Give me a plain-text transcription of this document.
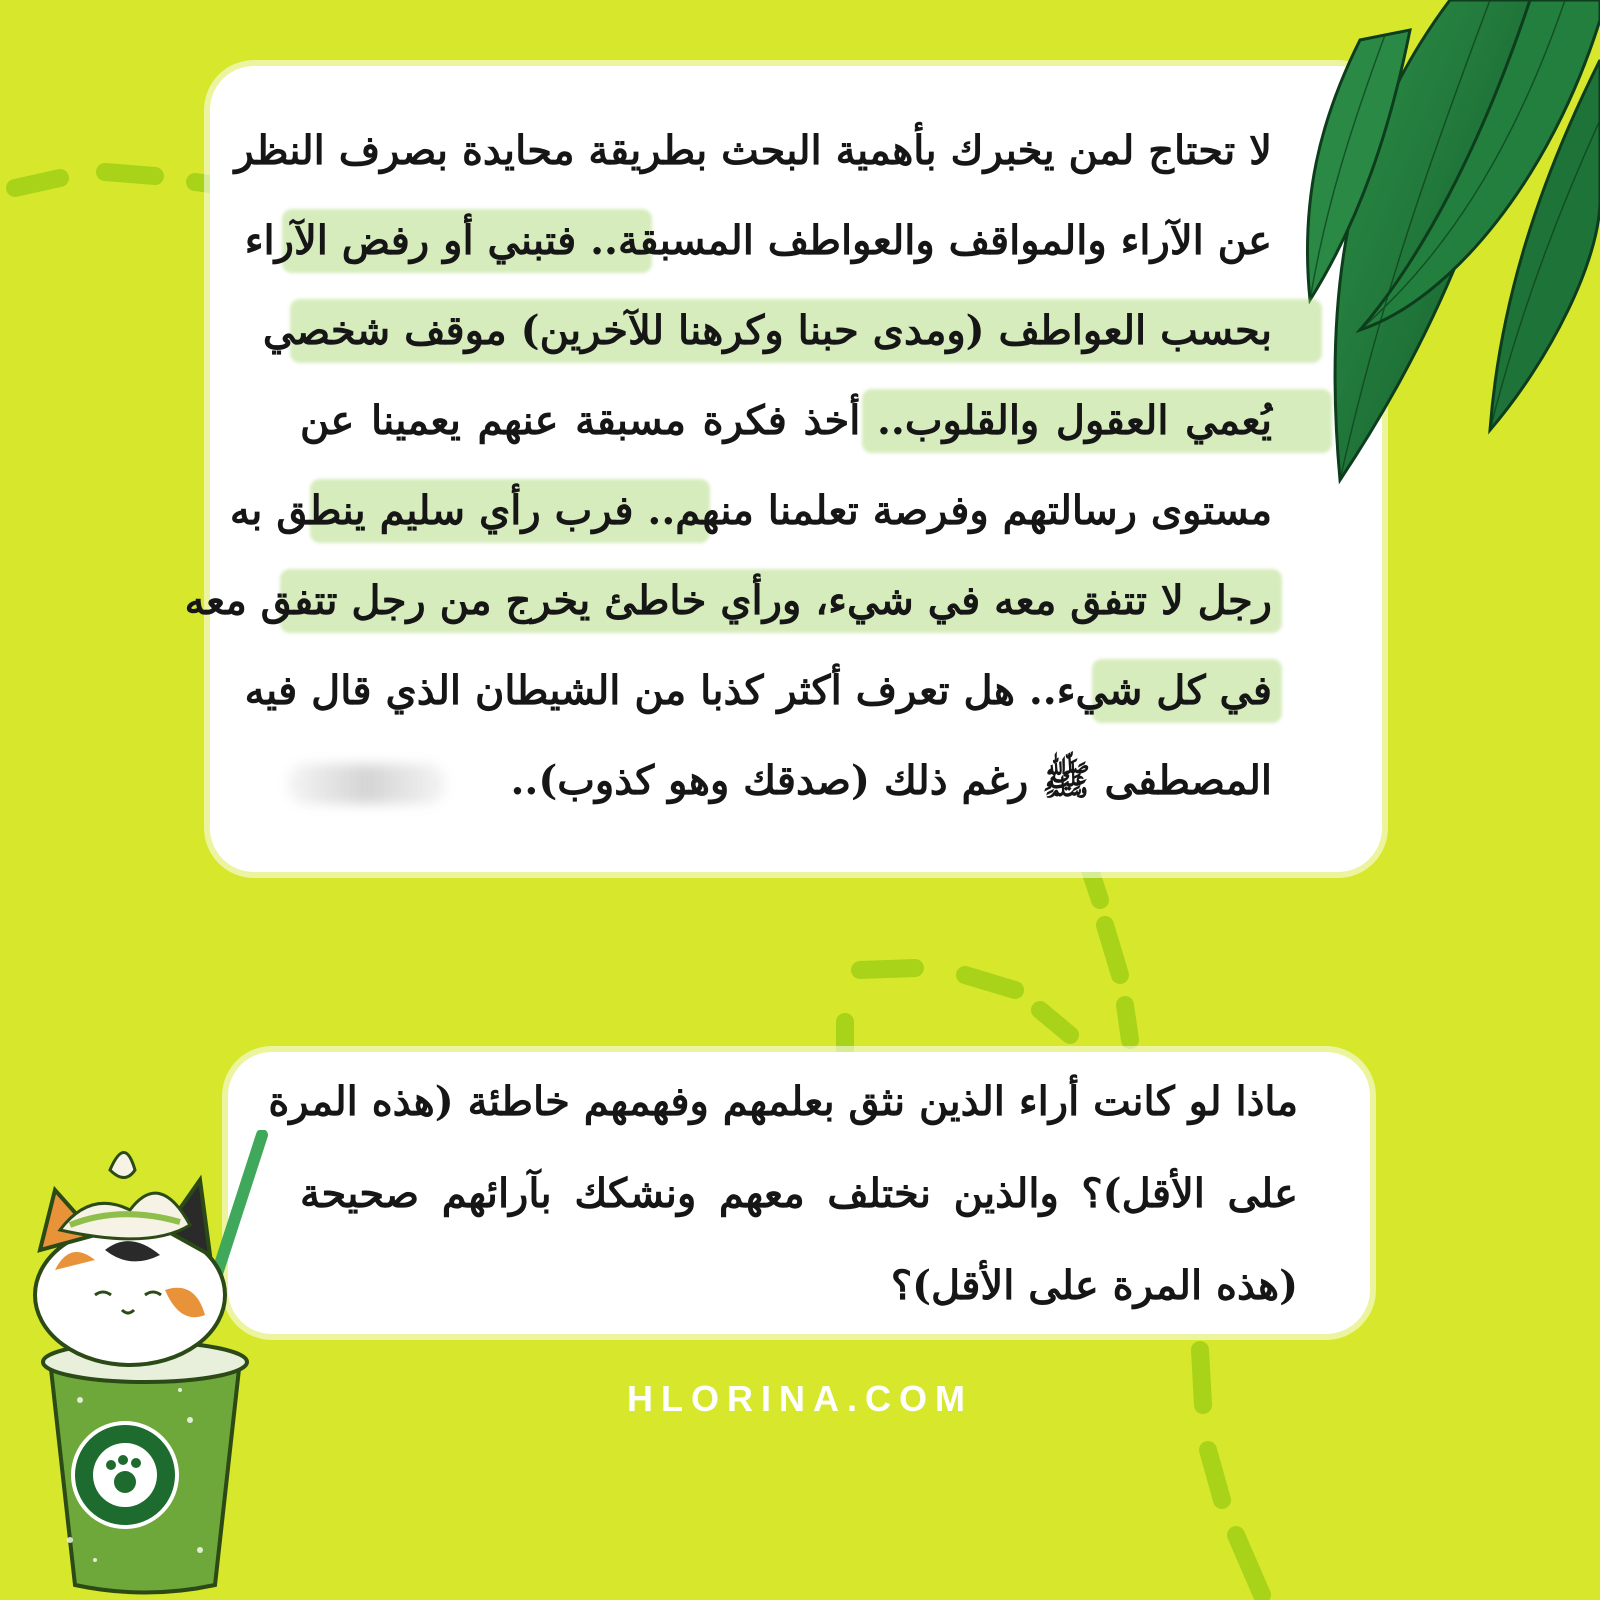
لا تحتاج لمن يخبرك بأهمية البحث بطريقة محايدة بصرف النظر
عن الآراء والمواقف والعواطف المسبقة.. فتبني أو رفض الآراء
بحسب العواطف (ومدى حبنا وكرهنا للآخرين) موقف شخصي
يُعمي العقول والقلوب.. أخذ فكرة مسبقة عنهم يعمينا عن
مستوى رسالتهم وفرصة تعلمنا منهم.. فرب رأي سليم ينطق به
رجل لا تتفق معه في شيء، ورأي خاطئ يخرج من رجل تتفق معه
في كل شيء.. هل تعرف أكثر كذبا من الشيطان الذي قال فيه
المصطفى ﷺ رغم ذلك (صدقك وهو كذوب)..
ماذا لو كانت أراء الذين نثق بعلمهم وفهمهم خاطئة (هذه المرة
على الأقل)؟ والذين نختلف معهم ونشكك بآرائهم صحيحة
(هذه المرة على الأقل)؟
HLORINA.COM
